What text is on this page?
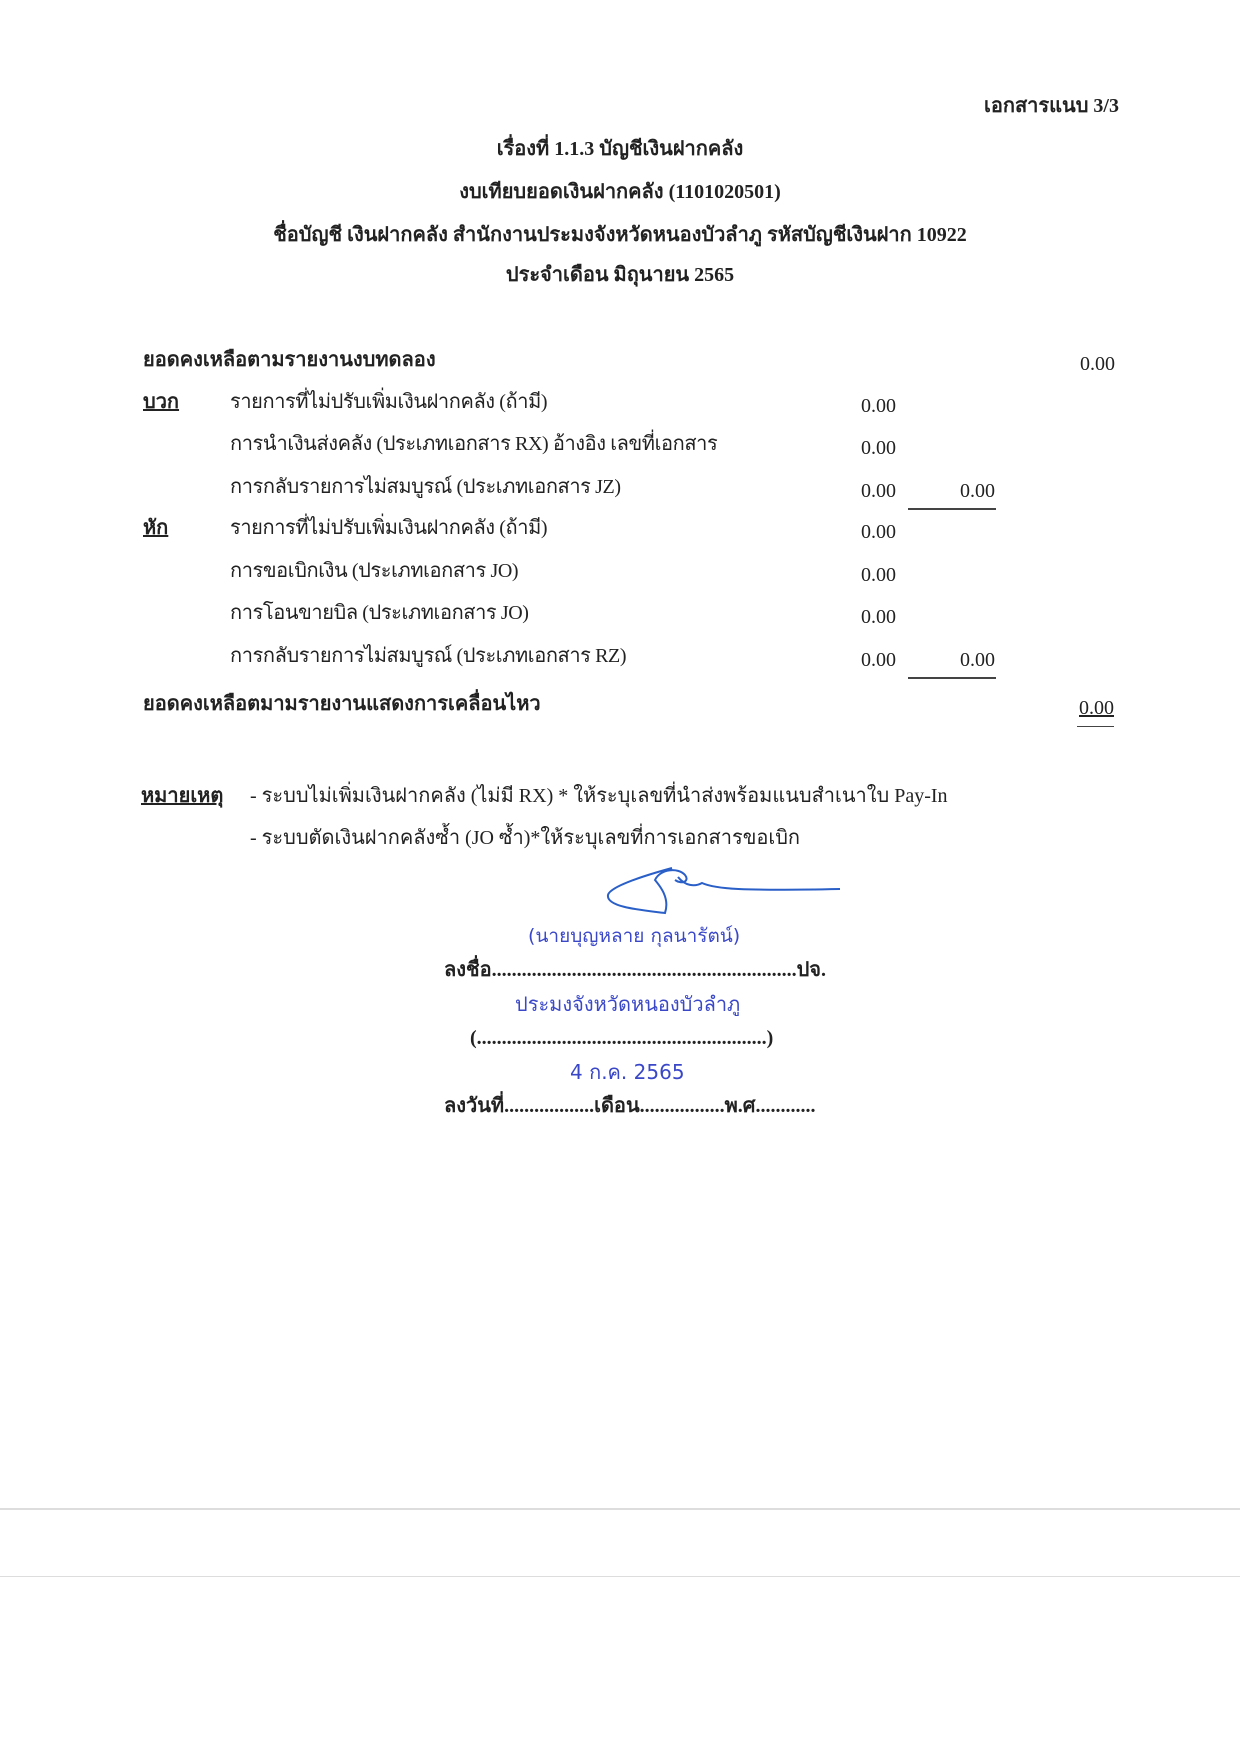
เอกสารแนบ 3/3
เรื่องที่ 1.1.3 บัญชีเงินฝากคลัง
งบเทียบยอดเงินฝากคลัง (1101020501)
ชื่อบัญชี เงินฝากคลัง สำนักงานประมงจังหวัดหนองบัวลำภู รหัสบัญชีเงินฝาก 10922
ประจำเดือน มิถุนายน 2565
ยอดคงเหลือตามรายงานงบทดลอง	0.00
บวก	รายการที่ไม่ปรับเพิ่มเงินฝากคลัง (ถ้ามี)	0.00
การนำเงินส่งคลัง (ประเภทเอกสาร RX) อ้างอิง เลขที่เอกสาร	0.00
การกลับรายการไม่สมบูรณ์ (ประเภทเอกสาร JZ)	0.00	0.00
หัก	รายการที่ไม่ปรับเพิ่มเงินฝากคลัง (ถ้ามี)	0.00
การขอเบิกเงิน (ประเภทเอกสาร JO)	0.00
การโอนขายบิล (ประเภทเอกสาร JO)	0.00
การกลับรายการไม่สมบูรณ์ (ประเภทเอกสาร RZ)	0.00	0.00
ยอดคงเหลือตมามรายงานแสดงการเคลื่อนไหว	0.00
หมายเหตุ - ระบบไม่เพิ่มเงินฝากคลัง (ไม่มี RX) * ให้ระบุเลขที่นำส่งพร้อมแนบสำเนาใบ Pay-In
- ระบบตัดเงินฝากคลังซ้ำ (JO ซ้ำ)*ให้ระบุเลขที่การเอกสารขอเบิก
(นายบุญหลาย กุลนารัตน์)
ลงชื่อ.............................................................ปจ.
ประมงจังหวัดหนองบัวลำภู
(..........................................................)
4 ก.ค. 2565
ลงวันที่..................เดือน.................พ.ศ............
